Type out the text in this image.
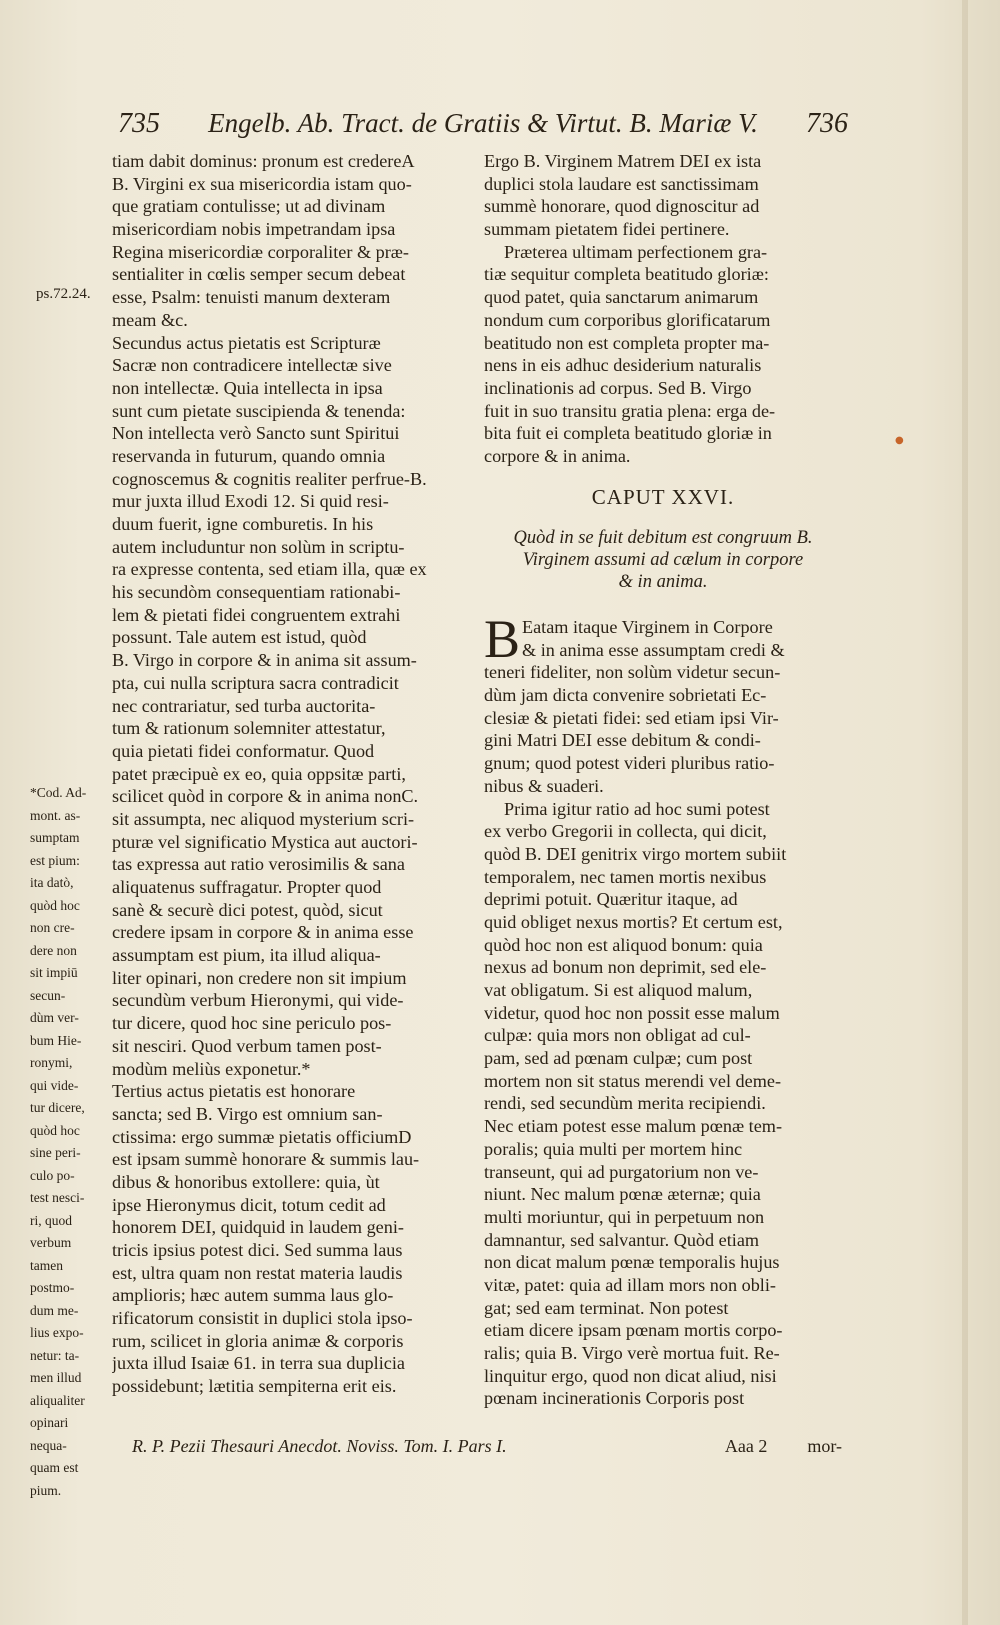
735 Engelb. Ab. Tract. de Gratiis & Virtut. B. Mariæ V. 736
ps.72.24.
*Cod. Ad-
mont. as-
sumptam
est pium:
ita datò,
quòd hoc
non cre-
dere non
sit impiū
secun-
dùm ver-
bum Hie-
ronymi,
qui vide-
tur dicere,
quòd hoc
sine peri-
culo po-
test nesci-
ri, quod
verbum
tamen
postmo-
dum me-
lius expo-
netur: ta-
men illud
aliqualiter
opinari
nequa-
quam est
pium.
tiam dabit dominus: pronum est credereA
B. Virgini ex sua misericordia istam quo-
que gratiam contulisse; ut ad divinam
misericordiam nobis impetrandam ipsa
Regina misericordiæ corporaliter & præ-
sentialiter in cœlis semper secum debeat
esse, Psalm: tenuisti manum dexteram
meam &c.
Secundus actus pietatis est Scripturæ
Sacræ non contradicere intellectæ sive
non intellectæ. Quia intellecta in ipsa
sunt cum pietate suscipienda & tenenda:
Non intellecta verò Sancto sunt Spiritui
reservanda in futurum, quando omnia
cognoscemus & cognitis realiter perfrue-B.
mur juxta illud Exodi 12. Si quid resi-
duum fuerit, igne comburetis. In his
autem includuntur non solùm in scriptu-
ra expresse contenta, sed etiam illa, quæ ex
his secundòm consequentiam rationabi-
lem & pietati fidei congruentem extrahi
possunt. Tale autem est istud, quòd
B. Virgo in corpore & in anima sit assum-
pta, cui nulla scriptura sacra contradicit
nec contrariatur, sed turba auctorita-
tum & rationum solemniter attestatur,
quia pietati fidei conformatur. Quod
patet præcipuè ex eo, quia oppsitæ parti,
scilicet quòd in corpore & in anima nonC.
sit assumpta, nec aliquod mysterium scri-
pturæ vel significatio Mystica aut auctori-
tas expressa aut ratio verosimilis & sana
aliquatenus suffragatur. Propter quod
sanè & securè dici potest, quòd, sicut
credere ipsam in corpore & in anima esse
assumptam est pium, ita illud aliqua-
liter opinari, non credere non sit impium
secundùm verbum Hieronymi, qui vide-
tur dicere, quod hoc sine periculo pos-
sit nesciri. Quod verbum tamen post-
modùm meliùs exponetur.*
Tertius actus pietatis est honorare
sancta; sed B. Virgo est omnium san-
ctissima: ergo summæ pietatis officiumD
est ipsam summè honorare & summis lau-
dibus & honoribus extollere: quia, ùt
ipse Hieronymus dicit, totum cedit ad
honorem DEI, quidquid in laudem geni-
tricis ipsius potest dici. Sed summa laus
est, ultra quam non restat materia laudis
amplioris; hæc autem summa laus glo-
rificatorum consistit in duplici stola ipso-
rum, scilicet in gloria animæ & corporis
juxta illud Isaiæ 61. in terra sua duplicia
possidebunt; lætitia sempiterna erit eis.
Ergo B. Virginem Matrem DEI ex ista
duplici stola laudare est sanctissimam
summè honorare, quod dignoscitur ad
summam pietatem fidei pertinere.
Præterea ultimam perfectionem gra-
tiæ sequitur completa beatitudo gloriæ:
quod patet, quia sanctarum animarum
nondum cum corporibus glorificatarum
beatitudo non est completa propter ma-
nens in eis adhuc desiderium naturalis
inclinationis ad corpus. Sed B. Virgo
fuit in suo transitu gratia plena: erga de-
bita fuit ei completa beatitudo gloriæ in
corpore & in anima.
CAPUT XXVI.
Quòd in se fuit debitum est congruum B.
Virginem assumi ad cælum in corpore
& in anima.
B Eatam itaque Virginem in Corpore
& in anima esse assumptam credi &
teneri fideliter, non solùm videtur secun-
dùm jam dicta convenire sobrietati Ec-
clesiæ & pietati fidei: sed etiam ipsi Vir-
gini Matri DEI esse debitum & condi-
gnum; quod potest videri pluribus ratio-
nibus & suaderi.
Prima igitur ratio ad hoc sumi potest
ex verbo Gregorii in collecta, qui dicit,
quòd B. DEI genitrix virgo mortem subiit
temporalem, nec tamen mortis nexibus
deprimi potuit. Quæritur itaque, ad
quid obliget nexus mortis? Et certum est,
quòd hoc non est aliquod bonum: quia
nexus ad bonum non deprimit, sed ele-
vat obligatum. Si est aliquod malum,
videtur, quod hoc non possit esse malum
culpæ: quia mors non obligat ad cul-
pam, sed ad pœnam culpæ; cum post
mortem non sit status merendi vel deme-
rendi, sed secundùm merita recipiendi.
Nec etiam potest esse malum pœnæ tem-
poralis; quia multi per mortem hinc
transeunt, qui ad purgatorium non ve-
niunt. Nec malum pœnæ æternæ; quia
multi moriuntur, qui in perpetuum non
damnantur, sed salvantur. Quòd etiam
non dicat malum pœnæ temporalis hujus
vitæ, patet: quia ad illam mors non obli-
gat; sed eam terminat. Non potest
etiam dicere ipsam pœnam mortis corpo-
ralis; quia B. Virgo verè mortua fuit. Re-
linquitur ergo, quod non dicat aliud, nisi
pœnam incinerationis Corporis post
●
R. P. Pezii Thesauri Anecdot. Noviss. Tom. I. Pars I.	Aaa 2 mor-
